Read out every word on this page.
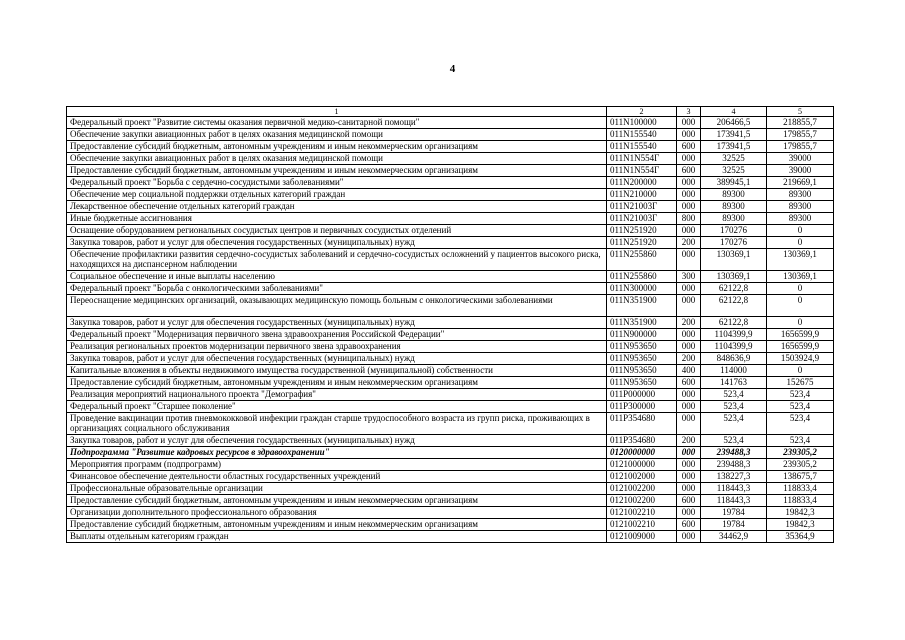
4
1	2	3	4	5
Федеральный проект "Развитие системы оказания первичной медико-санитарной помощи"	011N100000	000	206466,5	218855,7
Обеспечение закупки авиационных работ в целях оказания медицинской помощи	011N155540	000	173941,5	179855,7
Предоставление субсидий бюджетным, автономным учреждениям и иным некоммерческим организациям	011N155540	600	173941,5	179855,7
Обеспечение закупки авиационных работ в целях оказания медицинской помощи	011N1N554Г	000	32525	39000
Предоставление субсидий бюджетным, автономным учреждениям и иным некоммерческим организациям	011N1N554Г	600	32525	39000
Федеральный проект "Борьба с сердечно-сосудистыми заболеваниями"	011N200000	000	389945,1	219669,1
Обеспечение мер социальной поддержки отдельных категорий граждан	011N210000	000	89300	89300
Лекарственное обеспечение отдельных категорий граждан	011N21003Г	000	89300	89300
Иные бюджетные ассигнования	011N21003Г	800	89300	89300
Оснащение оборудованием региональных сосудистых центров и первичных сосудистых отделений	011N251920	000	170276	0
Закупка товаров, работ и услуг для обеспечения государственных (муниципальных) нужд	011N251920	200	170276	0
Обеспечение профилактики развития сердечно-сосудистых заболеваний и сердечно-сосудистых осложнений у пациентов высокого риска, находящихся на диспансерном наблюдении	011N255860	000	130369,1	130369,1
Социальное обеспечение и иные выплаты населению	011N255860	300	130369,1	130369,1
Федеральный проект "Борьба с онкологическими заболеваниями"	011N300000	000	62122,8	0
Переоснащение медицинских организаций, оказывающих медицинскую помощь больным с онкологическими заболеваниями	011N351900	000	62122,8	0
Закупка товаров, работ и услуг для обеспечения государственных (муниципальных) нужд	011N351900	200	62122,8	0
Федеральный проект "Модернизация первичного звена здравоохранения Российской Федерации"	011N900000	000	1104399,9	1656599,9
Реализация региональных проектов модернизации первичного звена здравоохранения	011N953650	000	1104399,9	1656599,9
Закупка товаров, работ и услуг для обеспечения государственных (муниципальных) нужд	011N953650	200	848636,9	1503924,9
Капитальные вложения в объекты недвижимого имущества государственной (муниципальной) собственности	011N953650	400	114000	0
Предоставление субсидий бюджетным, автономным учреждениям и иным некоммерческим организациям	011N953650	600	141763	152675
Реализация мероприятий национального проекта "Демография"	011P000000	000	523,4	523,4
Федеральный проект "Старшее поколение"	011P300000	000	523,4	523,4
Проведение вакцинации против пневмококковой инфекции граждан старше трудоспособного возраста из групп риска, проживающих в организациях социального обслуживания	011P354680	000	523,4	523,4
Закупка товаров, работ и услуг для обеспечения государственных (муниципальных) нужд	011P354680	200	523,4	523,4
Подпрограмма "Развитие кадровых ресурсов в здравоохранении"	0120000000	000	239488,3	239305,2
Мероприятия программ (подпрограмм)	0121000000	000	239488,3	239305,2
Финансовое обеспечение деятельности областных государственных учреждений	0121002000	000	138227,3	138675,7
Профессиональные образовательные организации	0121002200	000	118443,3	118833,4
Предоставление субсидий бюджетным, автономным учреждениям и иным некоммерческим организациям	0121002200	600	118443,3	118833,4
Организации дополнительного профессионального образования	0121002210	000	19784	19842,3
Предоставление субсидий бюджетным, автономным учреждениям и иным некоммерческим организациям	0121002210	600	19784	19842,3
Выплаты отдельным категориям граждан	0121009000	000	34462,9	35364,9
